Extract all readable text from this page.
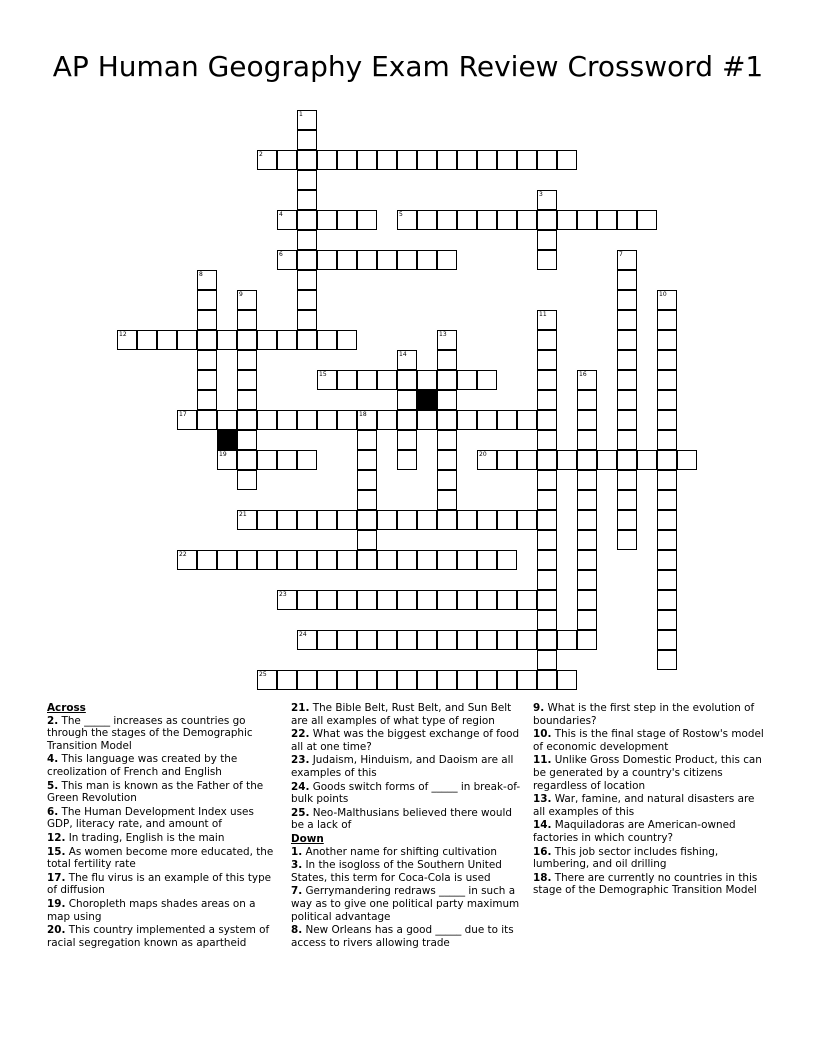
AP Human Geography Exam Review Crossword #1
2
4	5
6
12
15
17	18
19	20
21
22
23
24
25
1
3
7
8
9	10
11
13
14
16
Across
2. The _____ increases as countries go through the stages of the Demographic Transition Model
4. This language was created by the creolization of French and English
5. This man is known as the Father of the Green Revolution
6. The Human Development Index uses GDP, literacy rate, and amount of
12. In trading, English is the main
15. As women become more educated, the total fertility rate
17. The flu virus is an example of this type of diffusion
19. Choropleth maps shades areas on a map using
20. This country implemented a system of racial segregation known as apartheid
21. The Bible Belt, Rust Belt, and Sun Belt are all examples of what type of region
22. What was the biggest exchange of food all at one time?
23. Judaism, Hinduism, and Daoism are all examples of this
24. Goods switch forms of _____ in break-of-bulk points
25. Neo-Malthusians believed there would be a lack of
Down
1. Another name for shifting cultivation
3. In the isogloss of the Southern United States, this term for Coca-Cola is used
7. Gerrymandering redraws _____ in such a way as to give one political party maximum political advantage
8. New Orleans has a good _____ due to its access to rivers allowing trade
9. What is the first step in the evolution of boundaries?
10. This is the final stage of Rostow's model of economic development
11. Unlike Gross Domestic Product, this can be generated by a country's citizens regardless of location
13. War, famine, and natural disasters are all examples of this
14. Maquiladoras are American-owned factories in which country?
16. This job sector includes fishing, lumbering, and oil drilling
18. There are currently no countries in this stage of the Demographic Transition Model
